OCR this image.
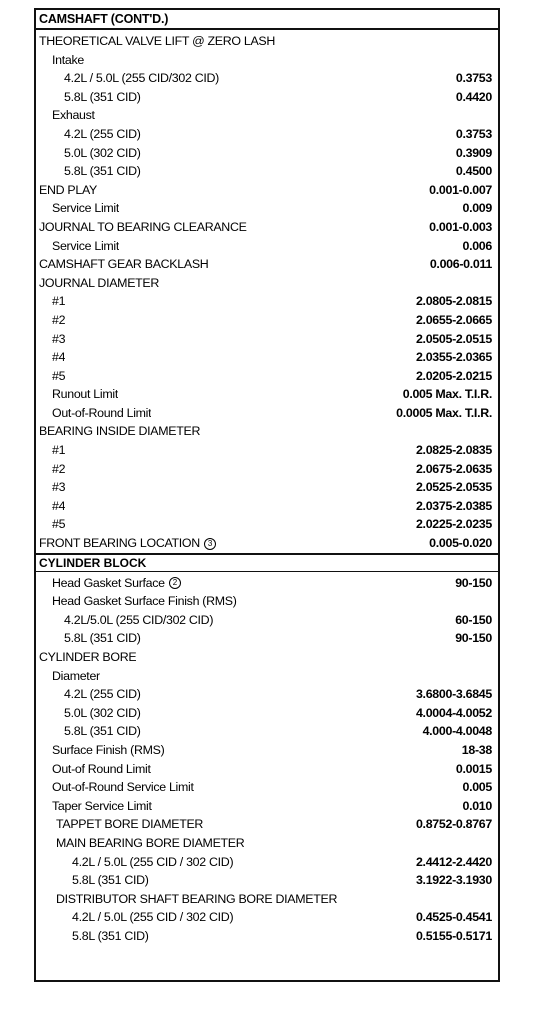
CAMSHAFT (CONT'D.)
THEORETICAL VALVE LIFT @ ZERO LASH
Intake
4.2L / 5.0L (255 CID/302 CID)	0.3753
5.8L (351 CID)	0.4420
Exhaust
4.2L (255 CID)	0.3753
5.0L (302 CID)	0.3909
5.8L (351 CID)	0.4500
END PLAY	0.001-0.007
Service Limit	0.009
JOURNAL TO BEARING CLEARANCE	0.001-0.003
Service Limit	0.006
CAMSHAFT GEAR BACKLASH	0.006-0.011
JOURNAL DIAMETER
#1	2.0805-2.0815
#2	2.0655-2.0665
#3	2.0505-2.0515
#4	2.0355-2.0365
#5	2.0205-2.0215
Runout Limit	0.005 Max. T.I.R.
Out-of-Round Limit	0.0005 Max. T.I.R.
BEARING INSIDE DIAMETER
#1	2.0825-2.0835
#2	2.0675-2.0635
#3	2.0525-2.0535
#4	2.0375-2.0385
#5	2.0225-2.0235
FRONT BEARING LOCATION 3	0.005-0.020
CYLINDER BLOCK
Head Gasket Surface 2	90-150
Head Gasket Surface Finish (RMS)
4.2L/5.0L (255 CID/302 CID)	60-150
5.8L (351 CID)	90-150
CYLINDER BORE
Diameter
4.2L (255 CID)	3.6800-3.6845
5.0L (302 CID)	4.0004-4.0052
5.8L (351 CID)	4.000-4.0048
Surface Finish (RMS)	18-38
Out-of Round Limit	0.0015
Out-of-Round Service Limit	0.005
Taper Service Limit	0.010
TAPPET BORE DIAMETER	0.8752-0.8767
MAIN BEARING BORE DIAMETER
4.2L / 5.0L (255 CID / 302 CID)	2.4412-2.4420
5.8L (351 CID)	3.1922-3.1930
DISTRIBUTOR SHAFT BEARING BORE DIAMETER
4.2L / 5.0L (255 CID / 302 CID)	0.4525-0.4541
5.8L (351 CID)	0.5155-0.5171
